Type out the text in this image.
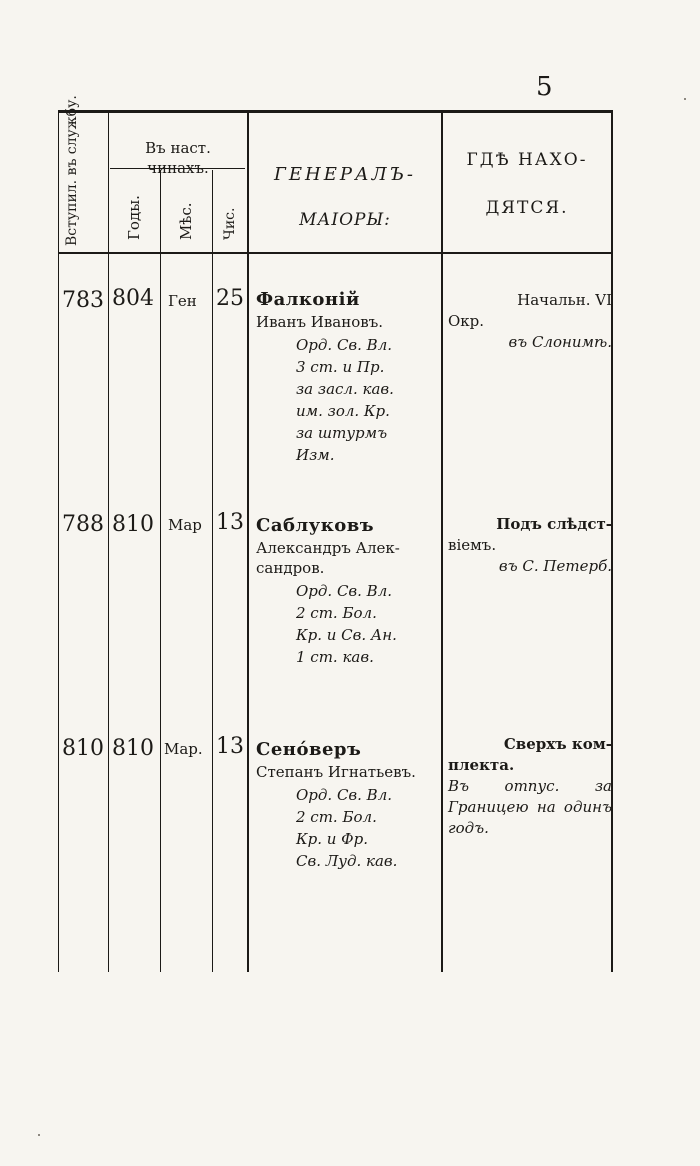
5
Вступил. въ службу.	Въ наст. чинахъ.

Годы. Мѣс. Чис.
ГЕНЕРАЛЪ-
МАІОРЫ:
ГДѢ НАХО-
ДЯТСЯ.
783 804 Ген 25 Фалконій

Иванъ Ивановъ.

Орд. Св. Вл.
3 ст. и Пр.
за засл. кав.
им. зол. Кр.
за штурмъ
Изм.

Начальн. VI

Окр.

въ Слонимѣ.

788 810 Мар 13 Саблуковъ

Александръ Алек-сандров.

Орд. Св. Вл.
2 ст. Бол.
Кр. и Св. Ан.
1 ст. кав.

Подъ слѣдст-

віемъ.

въ С. Петерб.

810 810 Мар. 13 Сено́веръ

Степанъ Игнатьевъ.

Орд. Св. Вл.
2 ст. Бол.
Кр. и Фр.
Св. Луд. кав.

Сверхъ ком-

плекта.

Въ отпус. за Границею на одинъ годъ.
